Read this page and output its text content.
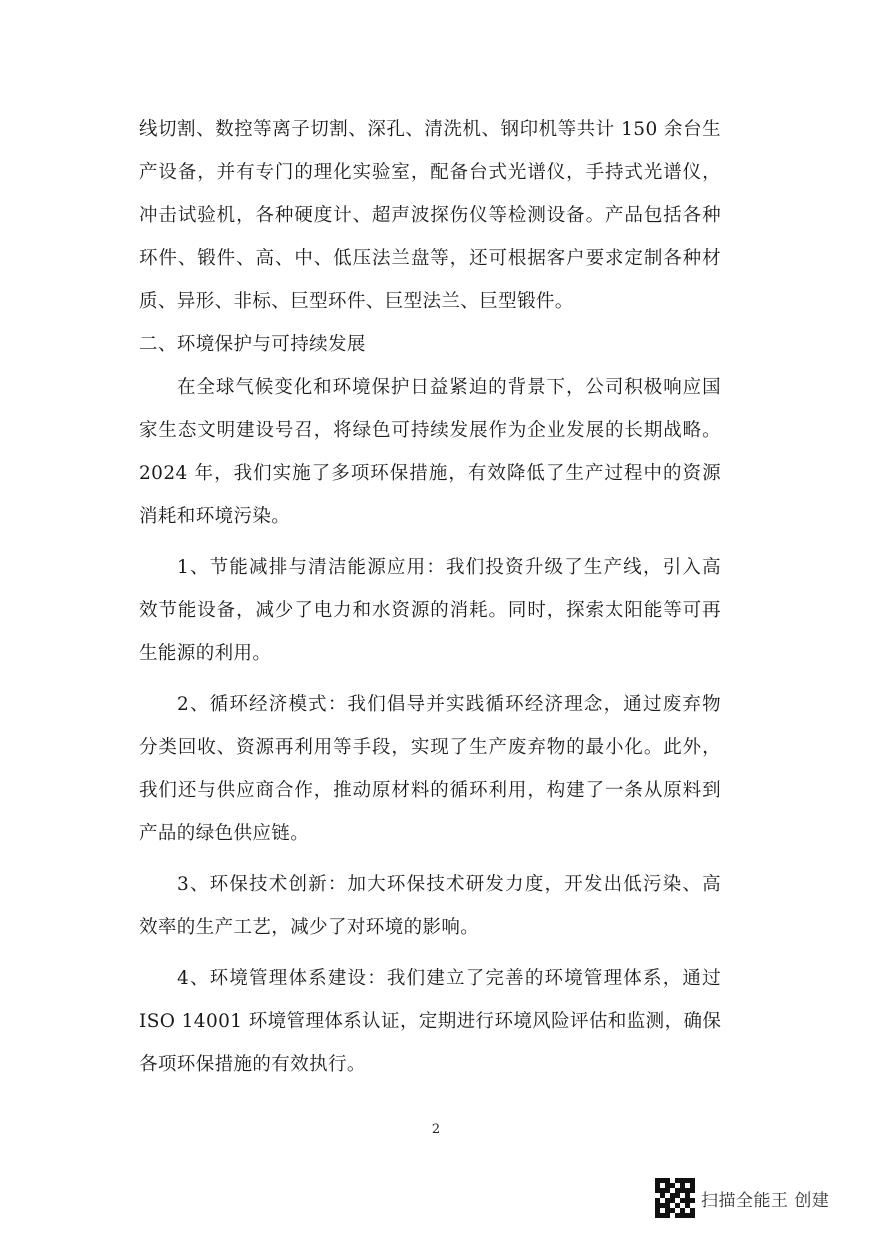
线切割、数控等离子切割、深孔、清洗机、钢印机等共计 150 余台生
产设备，并有专门的理化实验室，配备台式光谱仪，手持式光谱仪，
冲击试验机，各种硬度计、超声波探伤仪等检测设备。产品包括各种
环件、锻件、高、中、低压法兰盘等，还可根据客户要求定制各种材
质、异形、非标、巨型环件、巨型法兰、巨型锻件。
二、环境保护与可持续发展
在全球气候变化和环境保护日益紧迫的背景下，公司积极响应国
家生态文明建设号召，将绿色可持续发展作为企业发展的长期战略。
2024 年，我们实施了多项环保措施，有效降低了生产过程中的资源
消耗和环境污染。
1、节能减排与清洁能源应用：我们投资升级了生产线，引入高
效节能设备，减少了电力和水资源的消耗。同时，探索太阳能等可再
生能源的利用。
2、循环经济模式：我们倡导并实践循环经济理念，通过废弃物
分类回收、资源再利用等手段，实现了生产废弃物的最小化。此外，
我们还与供应商合作，推动原材料的循环利用，构建了一条从原料到
产品的绿色供应链。
3、环保技术创新：加大环保技术研发力度，开发出低污染、高
效率的生产工艺，减少了对环境的影响。
4、环境管理体系建设：我们建立了完善的环境管理体系，通过
ISO 14001 环境管理体系认证，定期进行环境风险评估和监测，确保
各项环保措施的有效执行。
2
扫描全能王 创建
